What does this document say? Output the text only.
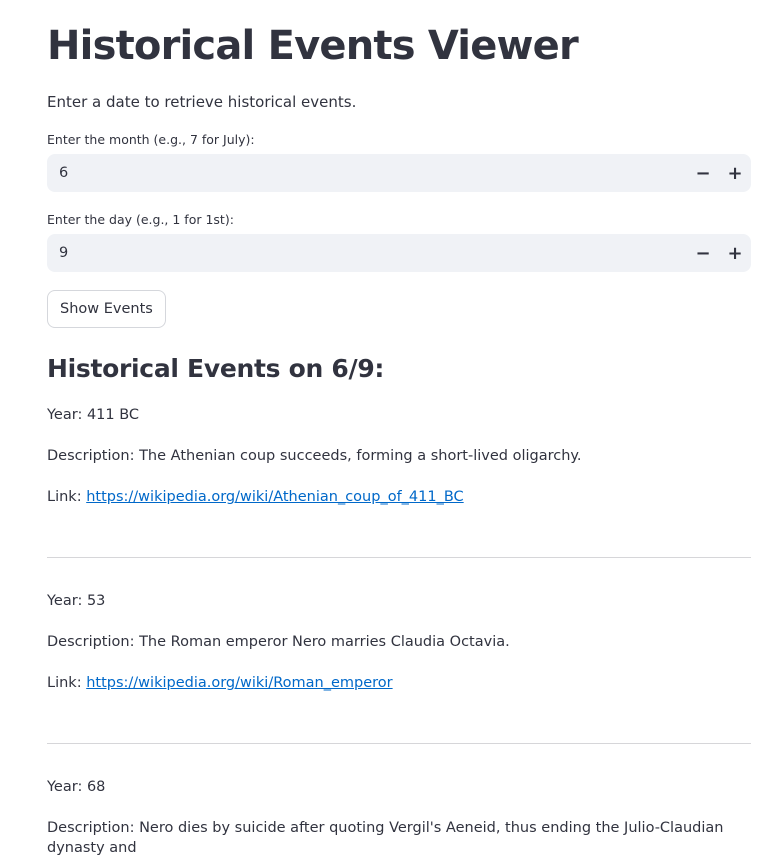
Historical Events Viewer
Enter a date to retrieve historical events.
Enter the month (e.g., 7 for July):
6
− +
Enter the day (e.g., 1 for 1st):
9
− +
Show Events
Historical Events on 6/9:
Year: 411 BC
Description: The Athenian coup succeeds, forming a short-lived oligarchy.
Link: https://wikipedia.org/wiki/Athenian_coup_of_411_BC
Year: 53
Description: The Roman emperor Nero marries Claudia Octavia.
Link: https://wikipedia.org/wiki/Roman_emperor
Year: 68
Description: Nero dies by suicide after quoting Vergil's Aeneid, thus ending the Julio-Claudian dynasty and
